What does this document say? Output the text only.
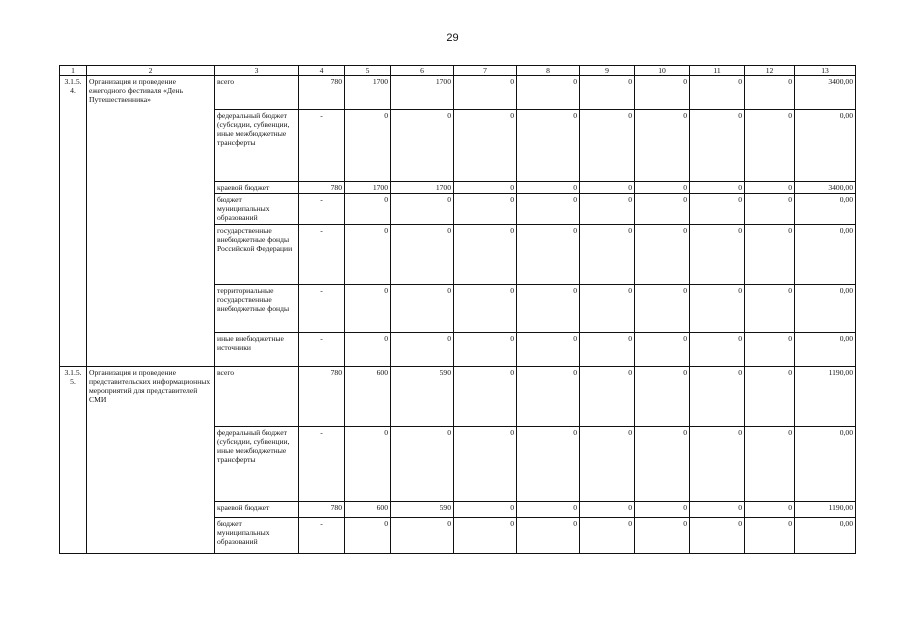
29
1	2	3	4	5	6	7	8	9	10	11	12	13
3.1.5.
4.	Организация и проведение ежегодного фестиваля «День Путешественника»	всего	780	1700	1700	0	0	0	0	0	0	3400,00
		федеральный бюджет (субсидии, субвенции, иные межбюджетные трансферты	-	0	0	0	0	0	0	0	0	0,00
		краевой бюджет	780	1700	1700	0	0	0	0	0	0	3400,00
		бюджет муниципальных образований	-	0	0	0	0	0	0	0	0	0,00
		государственные внебюджетные фонды Российской Федерации	-	0	0	0	0	0	0	0	0	0,00
		территориальные государственные внебюджетные фонды	-	0	0	0	0	0	0	0	0	0,00
		иные внебюджетные источники	-	0	0	0	0	0	0	0	0	0,00
3.1.5.
5.	Организация и проведение представительских информационных мероприятий для представителей СМИ	всего	780	600	590	0	0	0	0	0	0	1190,00
		федеральный бюджет (субсидии, субвенции, иные межбюджетные трансферты	-	0	0	0	0	0	0	0	0	0,00
		краевой бюджет	780	600	590	0	0	0	0	0	0	1190,00
		бюджет муниципальных образований	-	0	0	0	0	0	0	0	0	0,00
